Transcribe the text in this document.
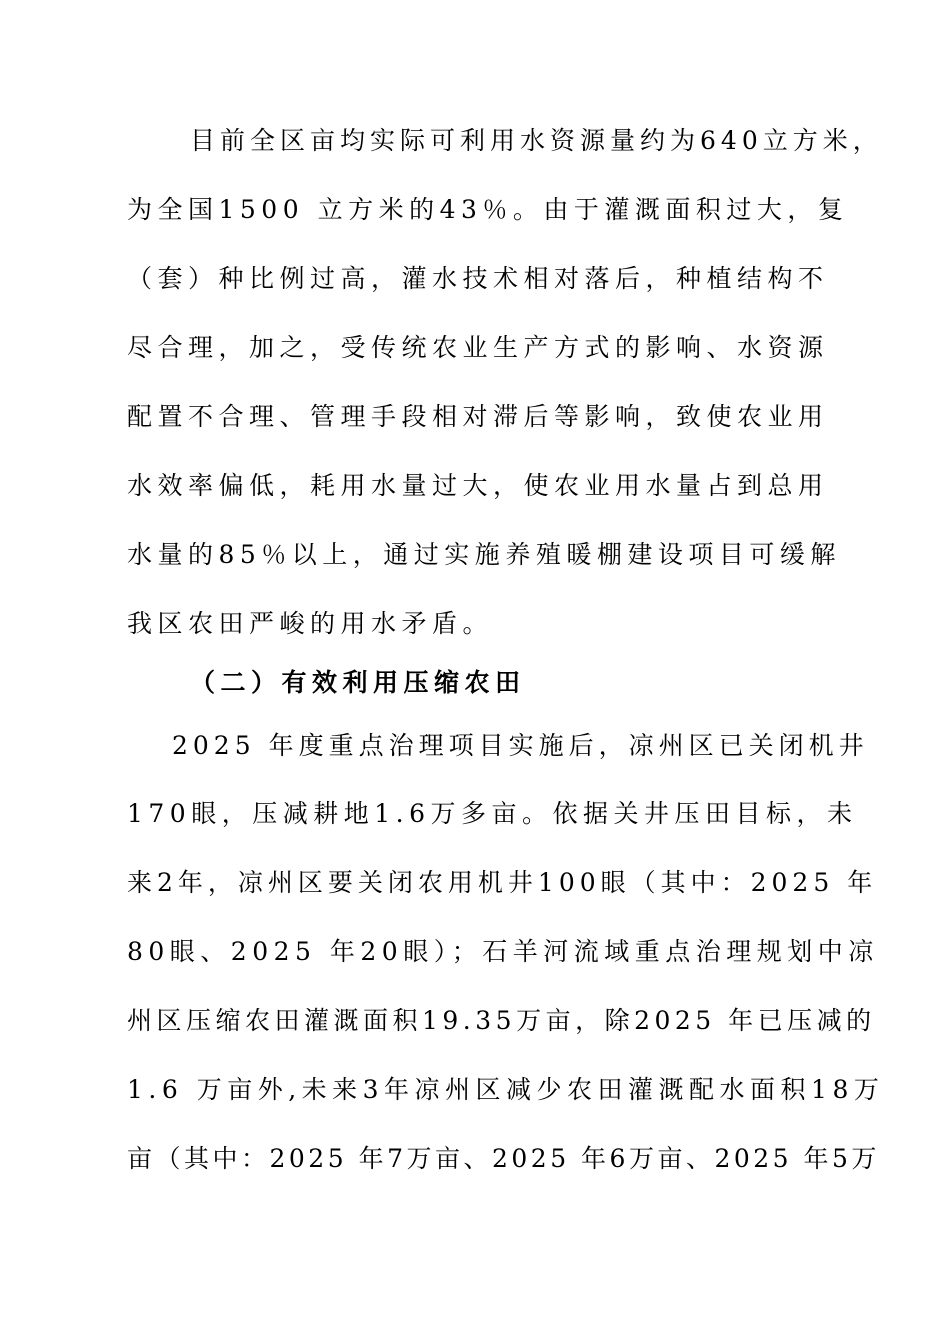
目前全区亩均实际可利用水资源量约为640立方米，
为全国1500 立方米的43％。由于灌溉面积过大，复
（套）种比例过高，灌水技术相对落后，种植结构不
尽合理，加之，受传统农业生产方式的影响、水资源
配置不合理、管理手段相对滞后等影响，致使农业用
水效率偏低，耗用水量过大，使农业用水量占到总用
水量的85％以上，通过实施养殖暖棚建设项目可缓解
我区农田严峻的用水矛盾。
（二）有效利用压缩农田
2025 年度重点治理项目实施后，凉州区已关闭机井
170眼，压减耕地1.6万多亩。依据关井压田目标，未
来2年，凉州区要关闭农用机井100眼（其中：2025 年
80眼、2025 年20眼）；石羊河流域重点治理规划中凉
州区压缩农田灌溉面积19.35万亩，除2025 年已压减的
1.6 万亩外,未来3年凉州区减少农田灌溉配水面积18万
亩（其中：2025 年7万亩、2025 年6万亩、2025 年5万
